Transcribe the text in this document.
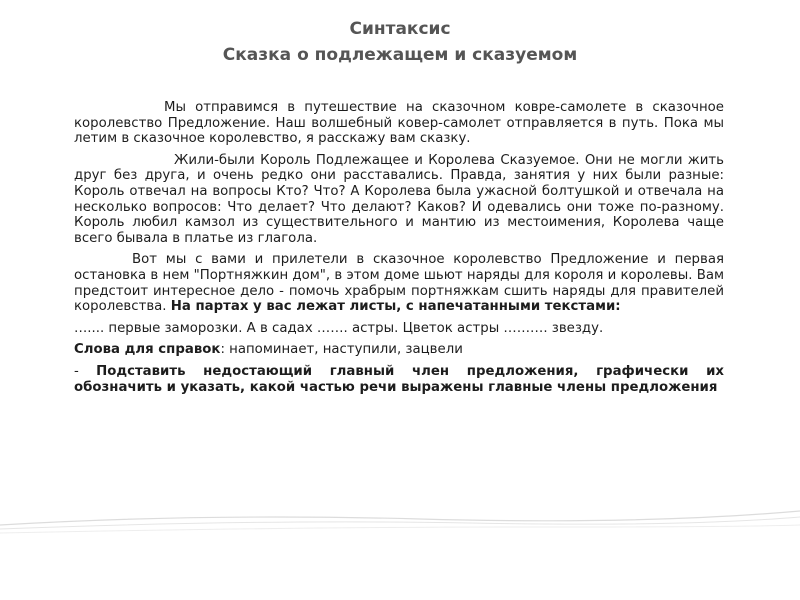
Синтаксис
Сказка о подлежащем и сказуемом

Мы отправимся в путешествие на сказочном ковре-самолете в сказочное королевство Предложение. Наш волшебный ковер-самолет отправляется в путь. Пока мы летим в сказочное королевство, я расскажу вам сказку.

Жили-были Король Подлежащее и Королева Сказуемое. Они не могли жить друг без друга, и очень редко они расставались. Правда, занятия у них были разные: Король отвечал на вопросы Кто? Что? А Королева была ужасной болтушкой и отвечала на несколько вопросов: Что делает? Что делают? Каков? И одевались они тоже по-разному. Король любил камзол из существительного и мантию из местоимения, Королева чаще всего бывала в платье из глагола.

Вот мы с вами и прилетели в сказочное королевство Предложение и первая остановка в нем "Портняжкин дом", в этом доме шьют наряды для короля и королевы. Вам предстоит интересное дело - помочь храбрым портняжкам сшить наряды для правителей королевства. На партах у вас лежат листы, с напечатанными текстами:

….... первые заморозки. А в садах ……. астры. Цветок астры ………. звезду.

Слова для справок: напоминает, наступили, зацвели

- Подставить недостающий главный член предложения, графически их обозначить и указать, какой частью речи выражены главные члены предложения
